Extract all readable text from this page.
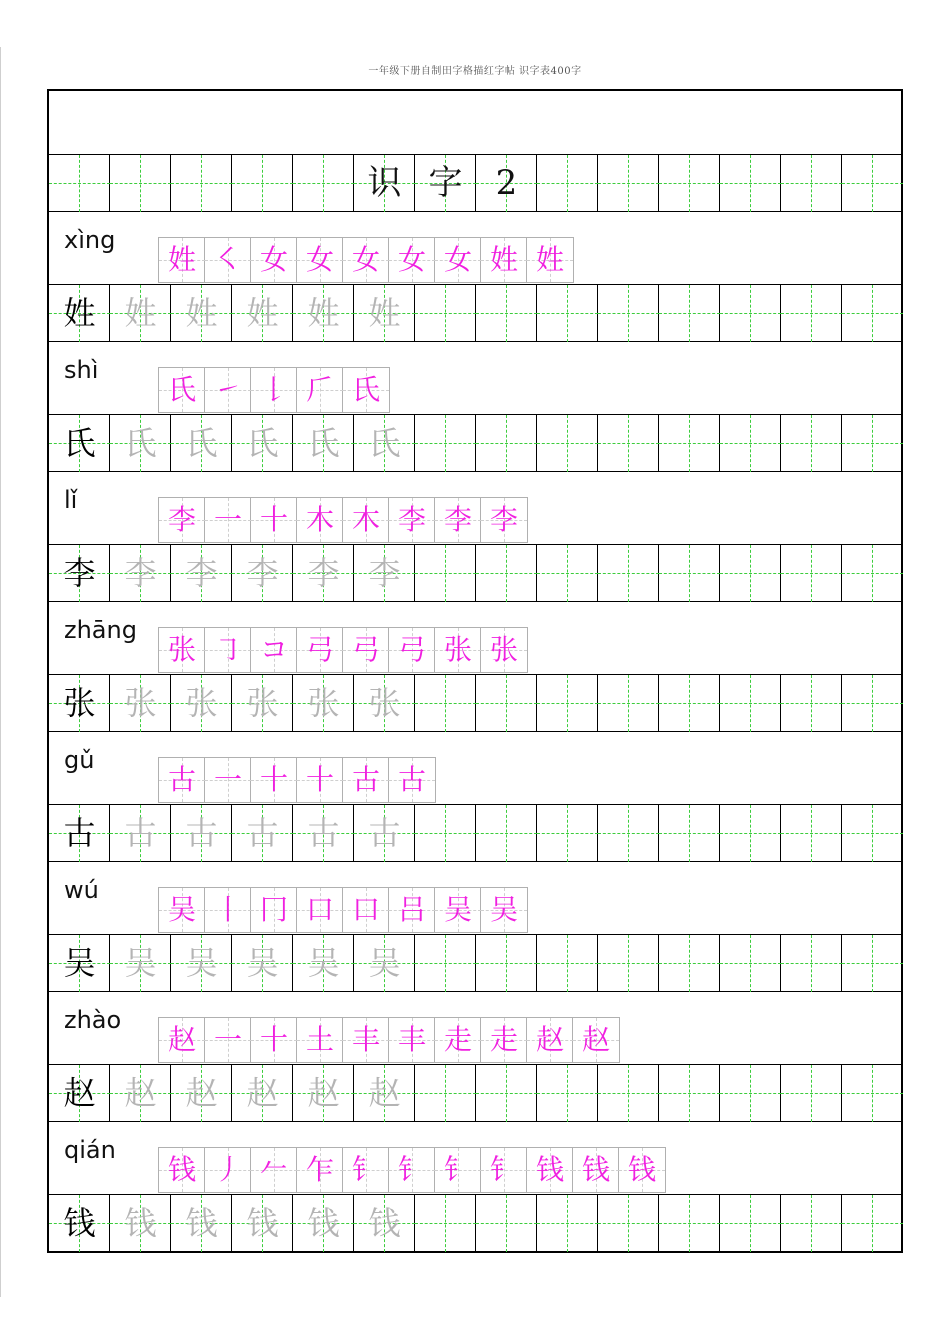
一年级下册自制田字格描红字帖 识字表400字
识 字 2
xìng
姓 ㇛ 女 女 女 女 女 姓 姓
姓 姓 姓 姓 姓 姓
shì
氏 ㇀ 𠄌 𠂆 氏
氏 氏 氏 氏 氏 氏
lǐ
李 一 十 木 木 李 李 李
李 李 李 李 李 李
zhāng
张 ㇆ コ 弓 弓 弓 张 张
张 张 张 张 张 张
gǔ
古 一 十 十 古 古
古 古 古 古 古 古
wú
吴 丨 冂 口 口 吕 吴 吴
吴 吴 吴 吴 吴 吴
zhào
赵 一 十 土 丰 丰 走 走 赵 赵
赵 赵 赵 赵 赵 赵
qián
钱 丿 𠂉 乍 钅 钅 钅 钅 钱 钱 钱
钱 钱 钱 钱 钱 钱
